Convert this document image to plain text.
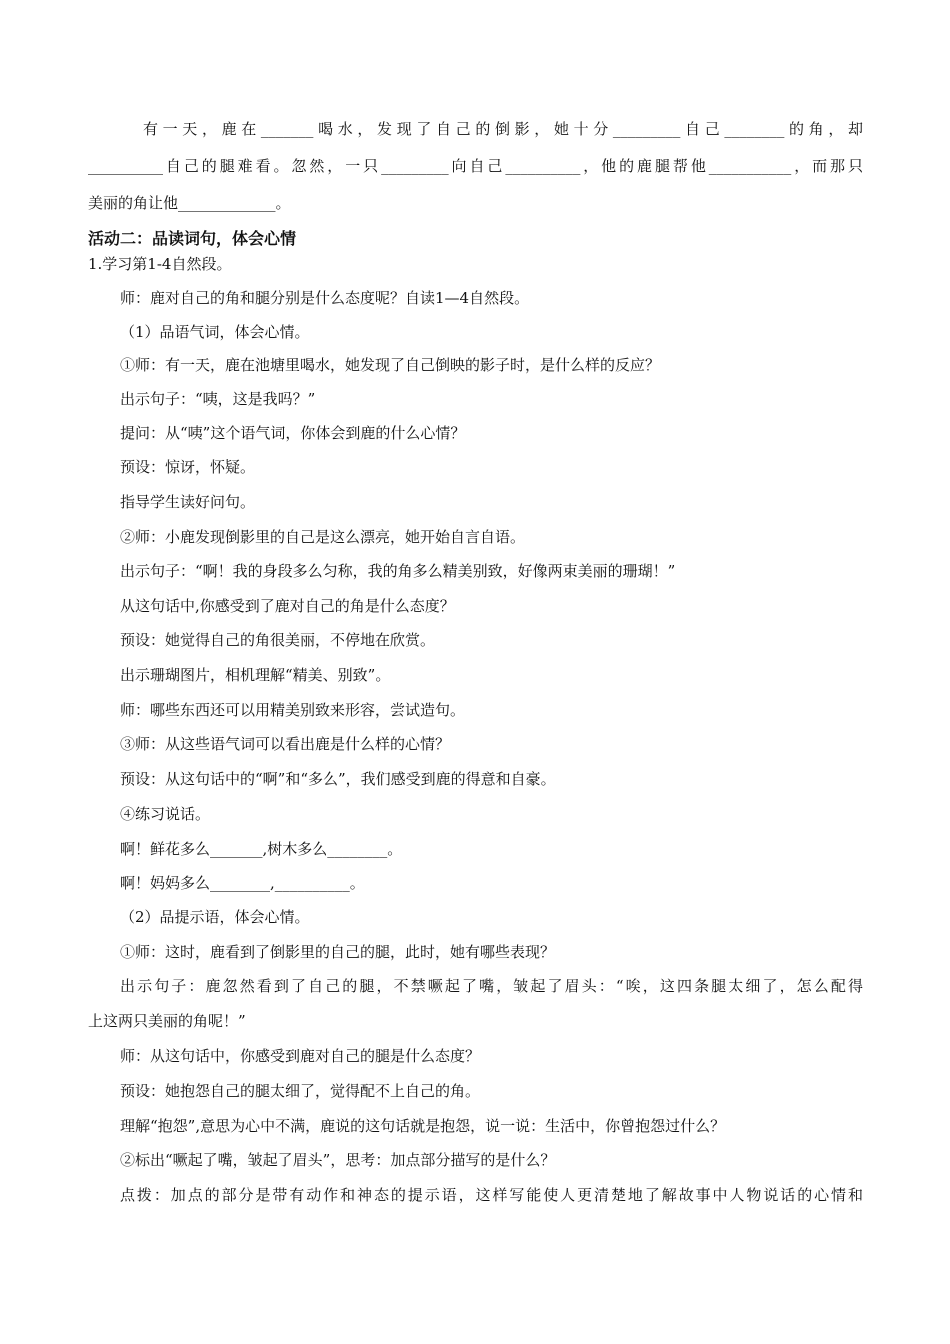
有一天，鹿在_______喝水，发现了自己的倒影，她十分_________自己________的角，却
__________自己的腿难看。忽然，一只_________向自己__________，他的鹿腿帮他___________，而那只
美丽的角让他_____________。
活动二：品读词句，体会心情
1.学习第1-4自然段。
师：鹿对自己的角和腿分别是什么态度呢？自读1—4自然段。
（1）品语气词，体会心情。
①师：有一天，鹿在池塘里喝水，她发现了自己倒映的影子时，是什么样的反应？
出示句子：“咦，这是我吗？”
提问：从“咦”这个语气词，你体会到鹿的什么心情？
预设：惊讶，怀疑。
指导学生读好问句。
②师：小鹿发现倒影里的自己是这么漂亮，她开始自言自语。
出示句子：“啊！我的身段多么匀称，我的角多么精美别致，好像两束美丽的珊瑚！”
从这句话中,你感受到了鹿对自己的角是什么态度？
预设：她觉得自己的角很美丽，不停地在欣赏。
出示珊瑚图片，相机理解“精美、别致”。
师：哪些东西还可以用精美别致来形容，尝试造句。
③师：从这些语气词可以看出鹿是什么样的心情？
预设：从这句话中的“啊”和“多么”，我们感受到鹿的得意和自豪。
④练习说话。
啊！鲜花多么_______,树木多么________。
啊！妈妈多么________,__________。
（2）品提示语，体会心情。
①师：这时，鹿看到了倒影里的自己的腿，此时，她有哪些表现？
出示句子：鹿忽然看到了自己的腿，不禁噘起了嘴，皱起了眉头：“唉，这四条腿太细了，怎么配得
上这两只美丽的角呢！”
师：从这句话中，你感受到鹿对自己的腿是什么态度？
预设：她抱怨自己的腿太细了，觉得配不上自己的角。
理解“抱怨”,意思为心中不满，鹿说的这句话就是抱怨，说一说：生活中，你曾抱怨过什么？
②标出“噘起了嘴，皱起了眉头”，思考：加点部分描写的是什么？
点拨：加点的部分是带有动作和神态的提示语，这样写能使人更清楚地了解故事中人物说话的心情和
